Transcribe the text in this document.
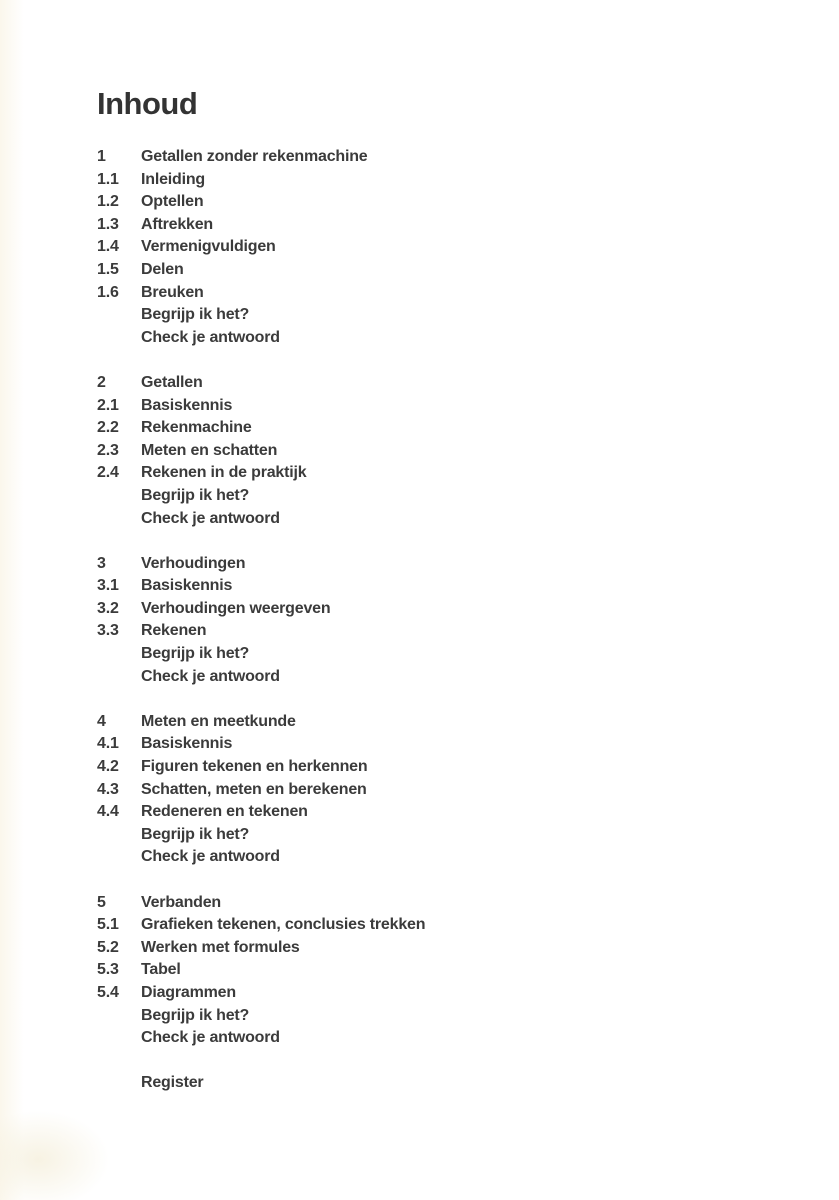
Inhoud
1	Getallen zonder rekenmachine
1.1	Inleiding
1.2	Optellen
1.3	Aftrekken
1.4	Vermenigvuldigen
1.5	Delen
1.6	Breuken
Begrijp ik het?
Check je antwoord
2	Getallen
2.1	Basiskennis
2.2	Rekenmachine
2.3	Meten en schatten
2.4	Rekenen in de praktijk
Begrijp ik het?
Check je antwoord
3	Verhoudingen
3.1	Basiskennis
3.2	Verhoudingen weergeven
3.3	Rekenen
Begrijp ik het?
Check je antwoord
4	Meten en meetkunde
4.1	Basiskennis
4.2	Figuren tekenen en herkennen
4.3	Schatten, meten en berekenen
4.4	Redeneren en tekenen
Begrijp ik het?
Check je antwoord
5	Verbanden
5.1	Grafieken tekenen, conclusies trekken
5.2	Werken met formules
5.3	Tabel
5.4	Diagrammen
Begrijp ik het?
Check je antwoord
Register
